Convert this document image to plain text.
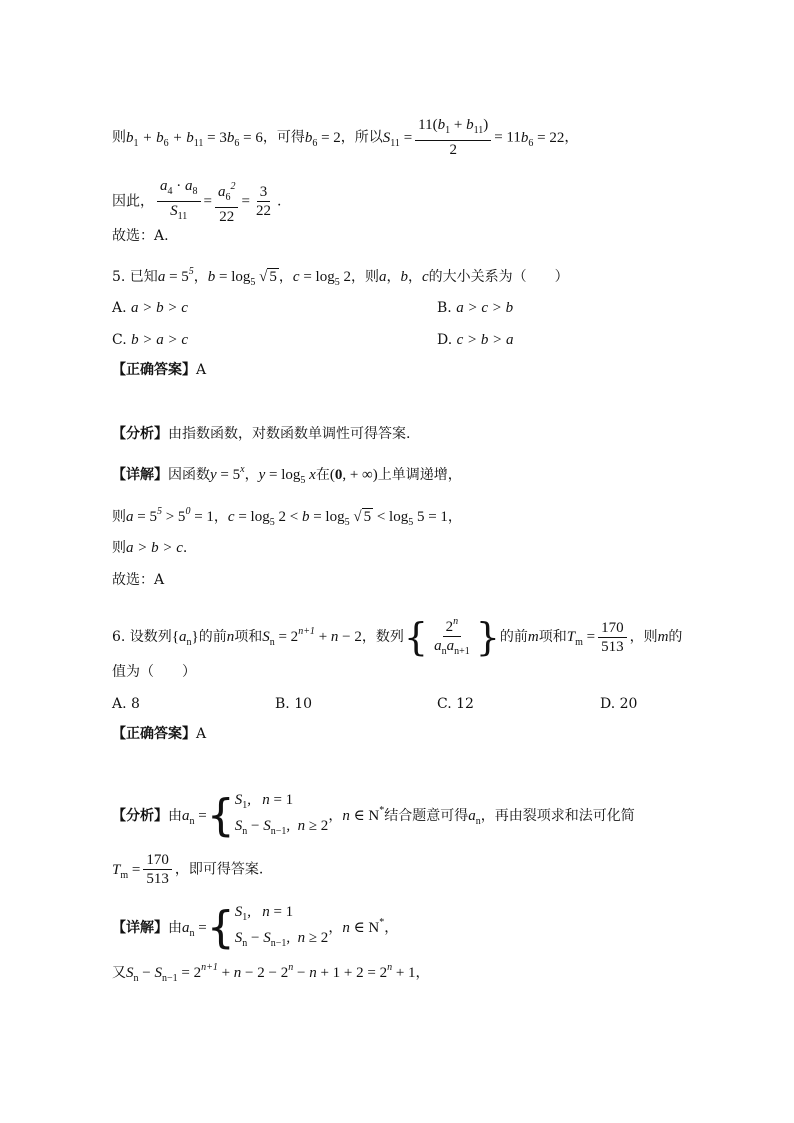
则$b_1 + b_6 + b_{11} = 3b_6 = 6$，可得$b_6 = 2$，所以$S_{11} = \frac{11(b_1 + b_{11})}{2} = 11b_6 = 22$，
因此， $\frac{a_4 \cdot a_8}{S_{11}} = \frac{a_6^2}{22} = \frac{3}{22}$ .
故选：A.
5. 已知$a = 5^5$，$b = \log_5$ √ 5 ，$c = \log_5 2$，则a，b，c的大小关系为（　　）
A. a > b > c	B. a > c > b
C. b > a > c	D. c > b > a
【正确答案】A
【分析】由指数函数，对数函数单调性可得答案.
【详解】因函数$y = 5^x$，$y = \log_5 x$在(0, + ∞)上单调递增，
则$a = 5^5 > 5^0 = 1$，$c = \log_5 2 < b = \log_5$ √ $5 < \log_5 5 = 1$，
则a > b > c.
故选：A
6. 设数列$\{a_n\}$的前n项和$S_n = 2^{n+1} + n - 2$，数列{ $\frac{2^n}{a_na_{n+1}}$ }的前m项和$T_m = \frac{170}{513}$ ，则m的
值为（　　）
A. 8	B. 10	C. 12	D. 20
【正确答案】A
【分析】由$a_n$ = { $S_1$,   n = 1
$S_n - S_{n-1}$,  n ≥ 2
，n ∈ N*结合题意可得$a_n$，再由裂项求和法可化简
$T_m = \frac{170}{513}$ ，即可得答案.
【详解】由$a_n$ = { $S_1$,   n = 1
$S_n - S_{n-1}$,  n ≥ 2
，n ∈ N*，
又$S_n - S_{n-1} = 2^{n+1} + n - 2 - 2^n - n + 1 + 2 = 2^n + 1$，
